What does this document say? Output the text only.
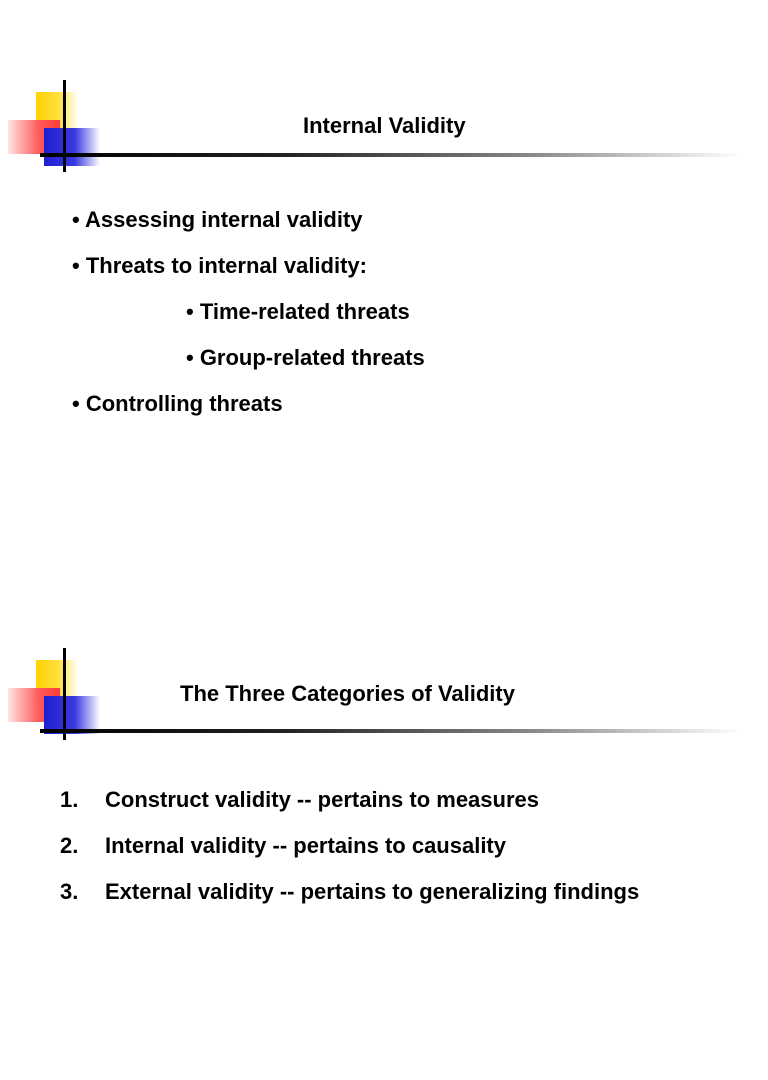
Internal Validity
• Assessing internal validity
• Threats to internal validity:
• Time-related threats
• Group-related threats
• Controlling threats
The Three Categories of Validity
1. Construct validity -- pertains to measures
2. Internal validity -- pertains to causality
3. External validity -- pertains to generalizing findings
